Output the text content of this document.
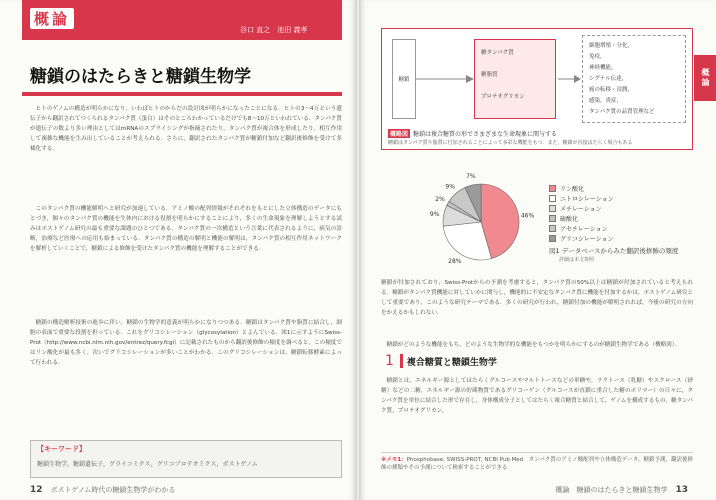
概論
谷口 直之　池田 義孝
糖鎖のはたらきと糖鎖生物学

ヒトのゲノムの構造が明らかになり，いわばヒトのからだの設計図が明らかになったことになる．ヒトの3〜4万という遺伝子から翻訳されてつくられるタンパク質（蛋白）はそのところわかっているだけでも8〜10万といわれている．タンパク質が遺伝子の数より多い理由としてはmRNAのスプライシングが指摘されたり，タンパク質が複合体を形成したり，相互作用して複雑な機能を生み出していることが考えられる．さらに，翻訳されたタンパク質が糖鎖付加など翻訳後修飾を受けて多様化する．

このタンパク質の機能解明へと研究が加速している．アミノ酸の配列情報がそれぞれをもとにした立体構造のデータにもとづき，個々のタンパク質の機能を生体内における役割を明らかにすることにより，多くの生命現象を理解しようとする試みはポストゲノム研究の最も重要な課題のひとつである．タンパク質の一次構造という言葉に代表されるように，病気の診断，治療など医療への応用も始まっている．タンパク質の構造の解明と機能の解明は，タンパク質の相互作用ネットワークを解析していくことで，糖鎖による修飾を受けたタンパク質の機能を理解することができる．

糖鎖の構造解析技術の進歩に伴い，糖鎖の生物学的意義が明らかになりつつある．糖鎖はタンパク質や脂質に結合し，細胞の表面で重要な役割を担っている．これをグリコシレーション（glycosylation）とよんでいる．図1に示すようにSwiss-Prot（http://www.ncbi.nlm.nih.gov/entrez/query.fcgi）に記載されたものから翻訳後修飾の頻度を調べると，この頻度ではリン酸化が最も多く，次いでグリコシレーションが多いことがわかる．このグリコシレーションは，糖鎖転移酵素によって行われる．

【キーワード】
糖鎖生物学，糖鎖遺伝子，グライコミクス，グリコプロテオミクス，ポストゲノム
12 ポストゲノム時代の糖鎖生物学がわかる
概論
糖鎖
糖タンパク質
糖脂質
プロテオグリカン
細胞増殖・分化，
免疫，
神経機能，
シグナル伝達，
癌の転移・浸潤，
感染，炎症，
タンパク質の品質管理など
概略図 糖鎖は複合糖質の形でさまざまな生命現象に関与する
糖鎖はタンパク質や脂質に付加されることによって多彩な機能をもつ．また，糖鎖が直接はたらく場合もある
46%
28%
9%
2%
9%
7%
リン酸化
ニトロシレーション
メチレーション
硫酸化
アセチレーション
グリコシレーション
図1 データベースからみた翻訳後修飾の頻度
詳細は本文参照

糖鎖が付加されており，Swiss-Protからの予測を考慮すると，タンパク質の50%以上は糖鎖が付加されていると考えられる．糖鎖がタンパク質機能に対していかに関与し，機能的に不安定なタンパク質に機能を付加するかは，ポストゲノム研究として重要であり，このような研究テーマである．多くの研究が行われ，糖鎖付加の機能が解明されれば，今後の研究の方向をかえるかもしれない．

糖鎖がどのような機能をもち，どのような生物学的な機能をもつかを明らかにするのが糖鎖生物学である（概略図）．

1 複合糖質と糖鎖生物学

糖鎖とは，エネルギー源としてはたらくグルコースやマルトトースなどの単糖や，ラクトース（乳糖）やスクロース（砂糖）などの二糖，エネルギー源の貯蔵物質であるグリコーゲン（グルコースが直鎖に重合した糖のポリマー）の日々に，タンパク質を単位に結合した形で存在し，身体構成分子としてはたらく複合糖質と結合して，ゲノムを構成するもの，糖タンパク質，プロテオグリカン，

※メモ1：Phosphobase, SWISS-PROT, NCBI Pub Med　タンパク質のアミノ酸配列や立体構造データ，糖鎖予測，翻訳後修飾の種類やその予測について検索することができる
概論　糖鎖のはたらきと糖鎖生物学 13
